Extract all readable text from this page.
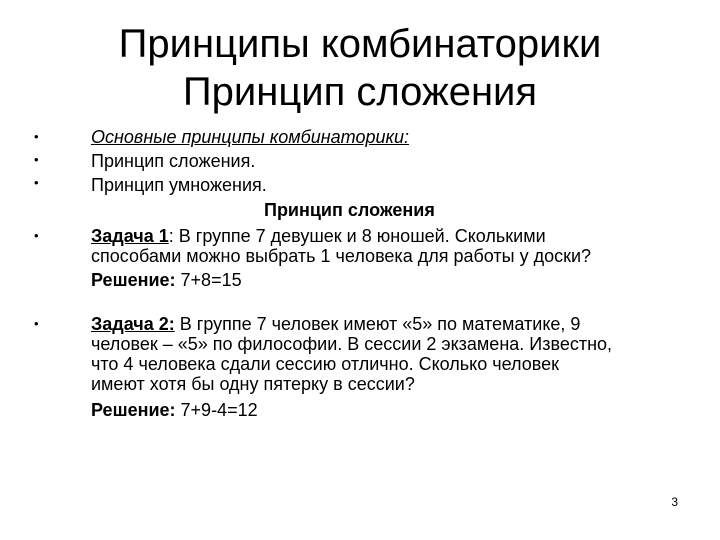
Принципы комбинаторики
Принцип сложения
•
•
•
•
•
Основные принципы комбинаторики:
Принцип сложения.
Принцип умножения.
Принцип сложения
Задача 1: В группе 7 девушек и 8 юношей. Сколькими
способами можно выбрать 1 человека для работы у доски?
Решение: 7+8=15
Задача 2: В группе 7 человек имеют «5» по математике, 9
человек – «5» по философии. В сессии 2 экзамена. Известно,
что 4 человека сдали сессию отлично. Сколько человек
имеют хотя бы одну пятерку в сессии?
Решение: 7+9-4=12
3
